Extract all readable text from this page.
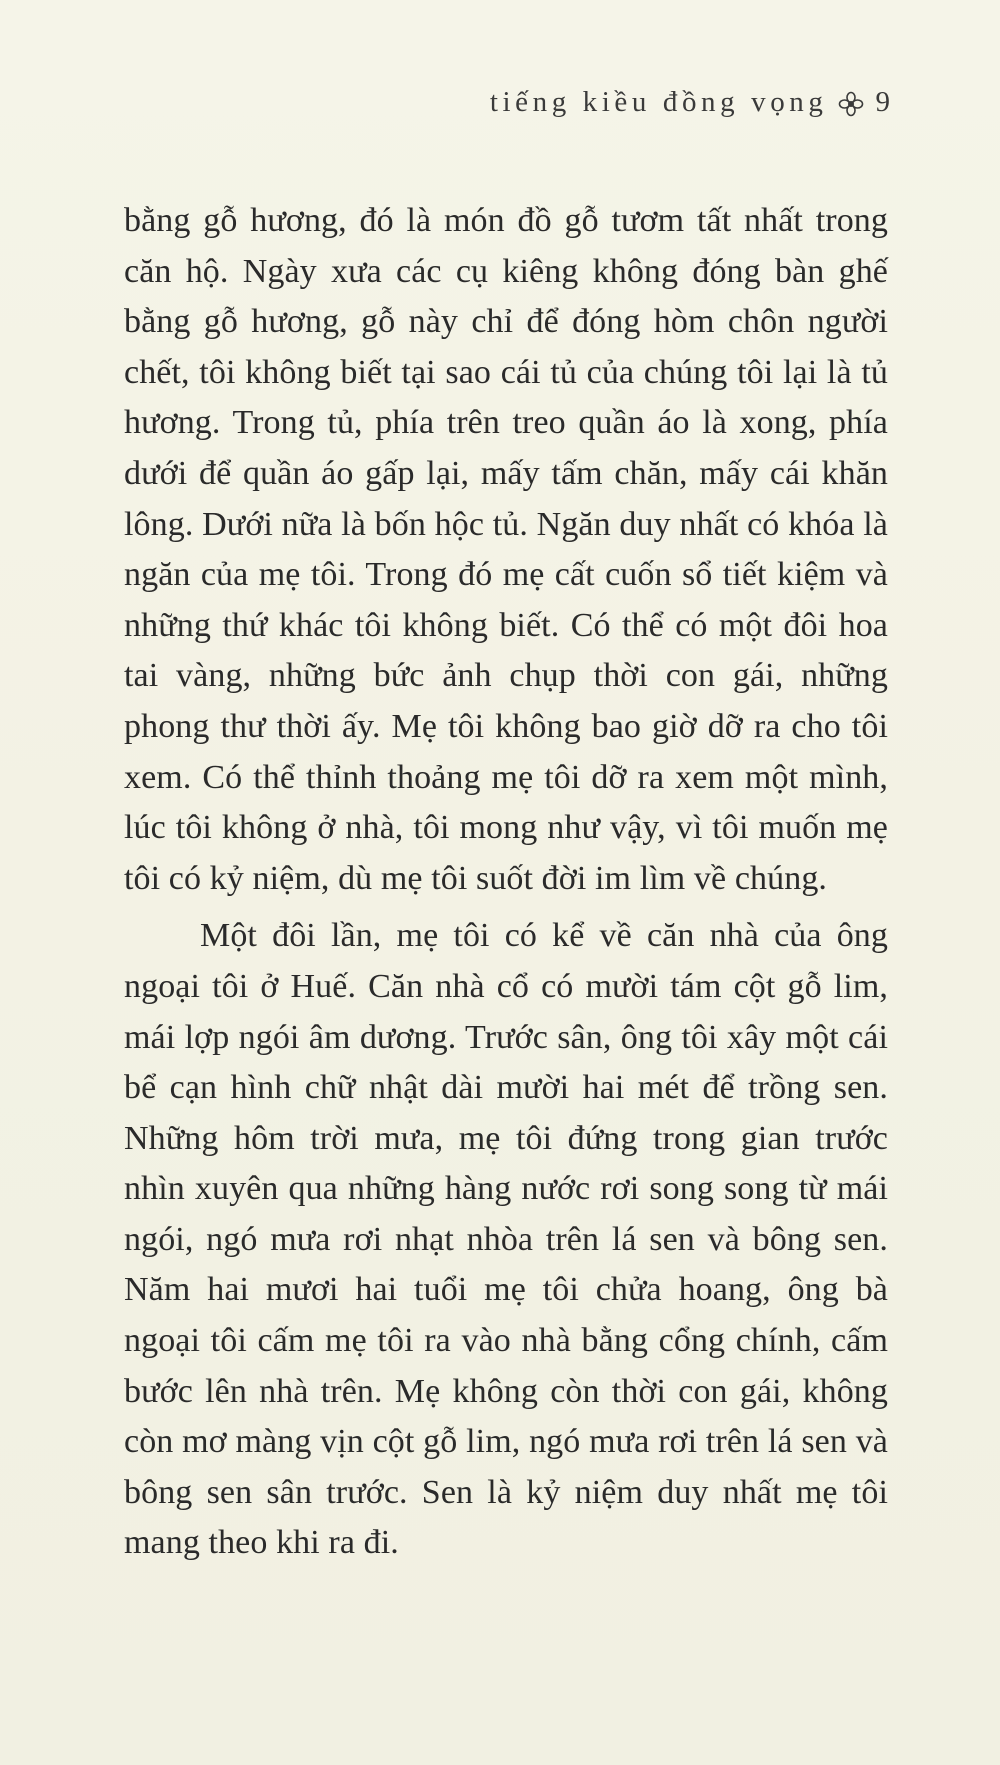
tiếng kiều đồng vọng 9

bằng gỗ hương, đó là món đồ gỗ tươm tất nhất trong căn hộ. Ngày xưa các cụ kiêng không đóng bàn ghế bằng gỗ hương, gỗ này chỉ để đóng hòm chôn người chết, tôi không biết tại sao cái tủ của chúng tôi lại là tủ hương. Trong tủ, phía trên treo quần áo là xong, phía dưới để quần áo gấp lại, mấy tấm chăn, mấy cái khăn lông. Dưới nữa là bốn hộc tủ. Ngăn duy nhất có khóa là ngăn của mẹ tôi. Trong đó mẹ cất cuốn sổ tiết kiệm và những thứ khác tôi không biết. Có thể có một đôi hoa tai vàng, những bức ảnh chụp thời con gái, những phong thư thời ấy. Mẹ tôi không bao giờ dỡ ra cho tôi xem. Có thể thỉnh thoảng mẹ tôi dỡ ra xem một mình, lúc tôi không ở nhà, tôi mong như vậy, vì tôi muốn mẹ tôi có kỷ niệm, dù mẹ tôi suốt đời im lìm về chúng.

Một đôi lần, mẹ tôi có kể về căn nhà của ông ngoại tôi ở Huế. Căn nhà cổ có mười tám cột gỗ lim, mái lợp ngói âm dương. Trước sân, ông tôi xây một cái bể cạn hình chữ nhật dài mười hai mét để trồng sen. Những hôm trời mưa, mẹ tôi đứng trong gian trước nhìn xuyên qua những hàng nước rơi song song từ mái ngói, ngó mưa rơi nhạt nhòa trên lá sen và bông sen. Năm hai mươi hai tuổi mẹ tôi chửa hoang, ông bà ngoại tôi cấm mẹ tôi ra vào nhà bằng cổng chính, cấm bước lên nhà trên. Mẹ không còn thời con gái, không còn mơ màng vịn cột gỗ lim, ngó mưa rơi trên lá sen và bông sen sân trước. Sen là kỷ niệm duy nhất mẹ tôi mang theo khi ra đi.
